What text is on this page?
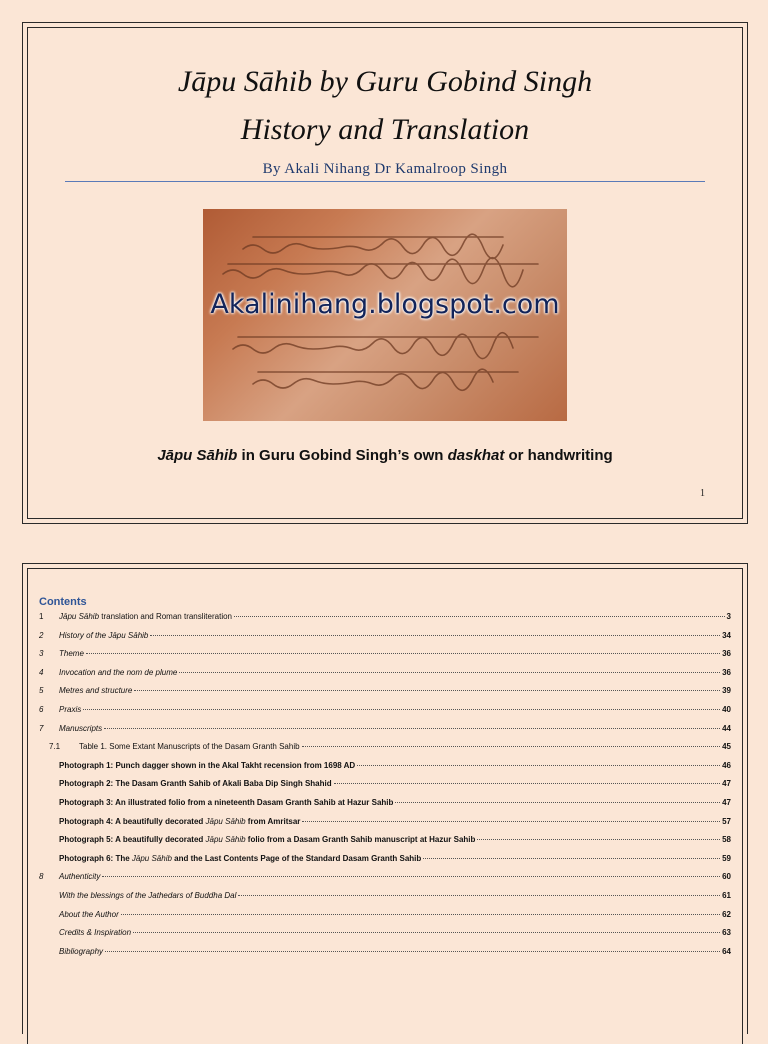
Jāpu Sāhib by Guru Gobind Singh
History and Translation
By Akali Nihang Dr Kamalroop Singh
Akalinihang.blogspot.com
Jāpu Sāhib in Guru Gobind Singh’s own daskhat or handwriting
1
Contents
1	Jāpu Sāhib translation and Roman transliteration	3
2	History of the Jāpu Sāhib	34
3	Theme	36
4	Invocation and the nom de plume	36
5	Metres and structure	39
6	Praxis	40
7	Manuscripts	44
7.1	Table 1. Some Extant Manuscripts of the Dasam Granth Sahib	45
Photograph 1: Punch dagger shown in the Akal Takht recension from 1698 AD	46
Photograph 2: The Dasam Granth Sahib of Akali Baba Dip Singh Shahid	47
Photograph 3: An illustrated folio from a nineteenth Dasam Granth Sahib at Hazur Sahib	47
Photograph 4: A beautifully decorated Jāpu Sāhib from Amritsar	57
Photograph 5: A beautifully decorated Jāpu Sāhib folio from a Dasam Granth Sahib manuscript at Hazur Sahib	58
Photograph 6: The Jāpu Sāhib and the Last Contents Page of the Standard Dasam Granth Sahib	59
8	Authenticity	60
With the blessings of the Jathedars of Buddha Dal	61
About the Author	62
Credits & Inspiration	63
Bibliography	64
